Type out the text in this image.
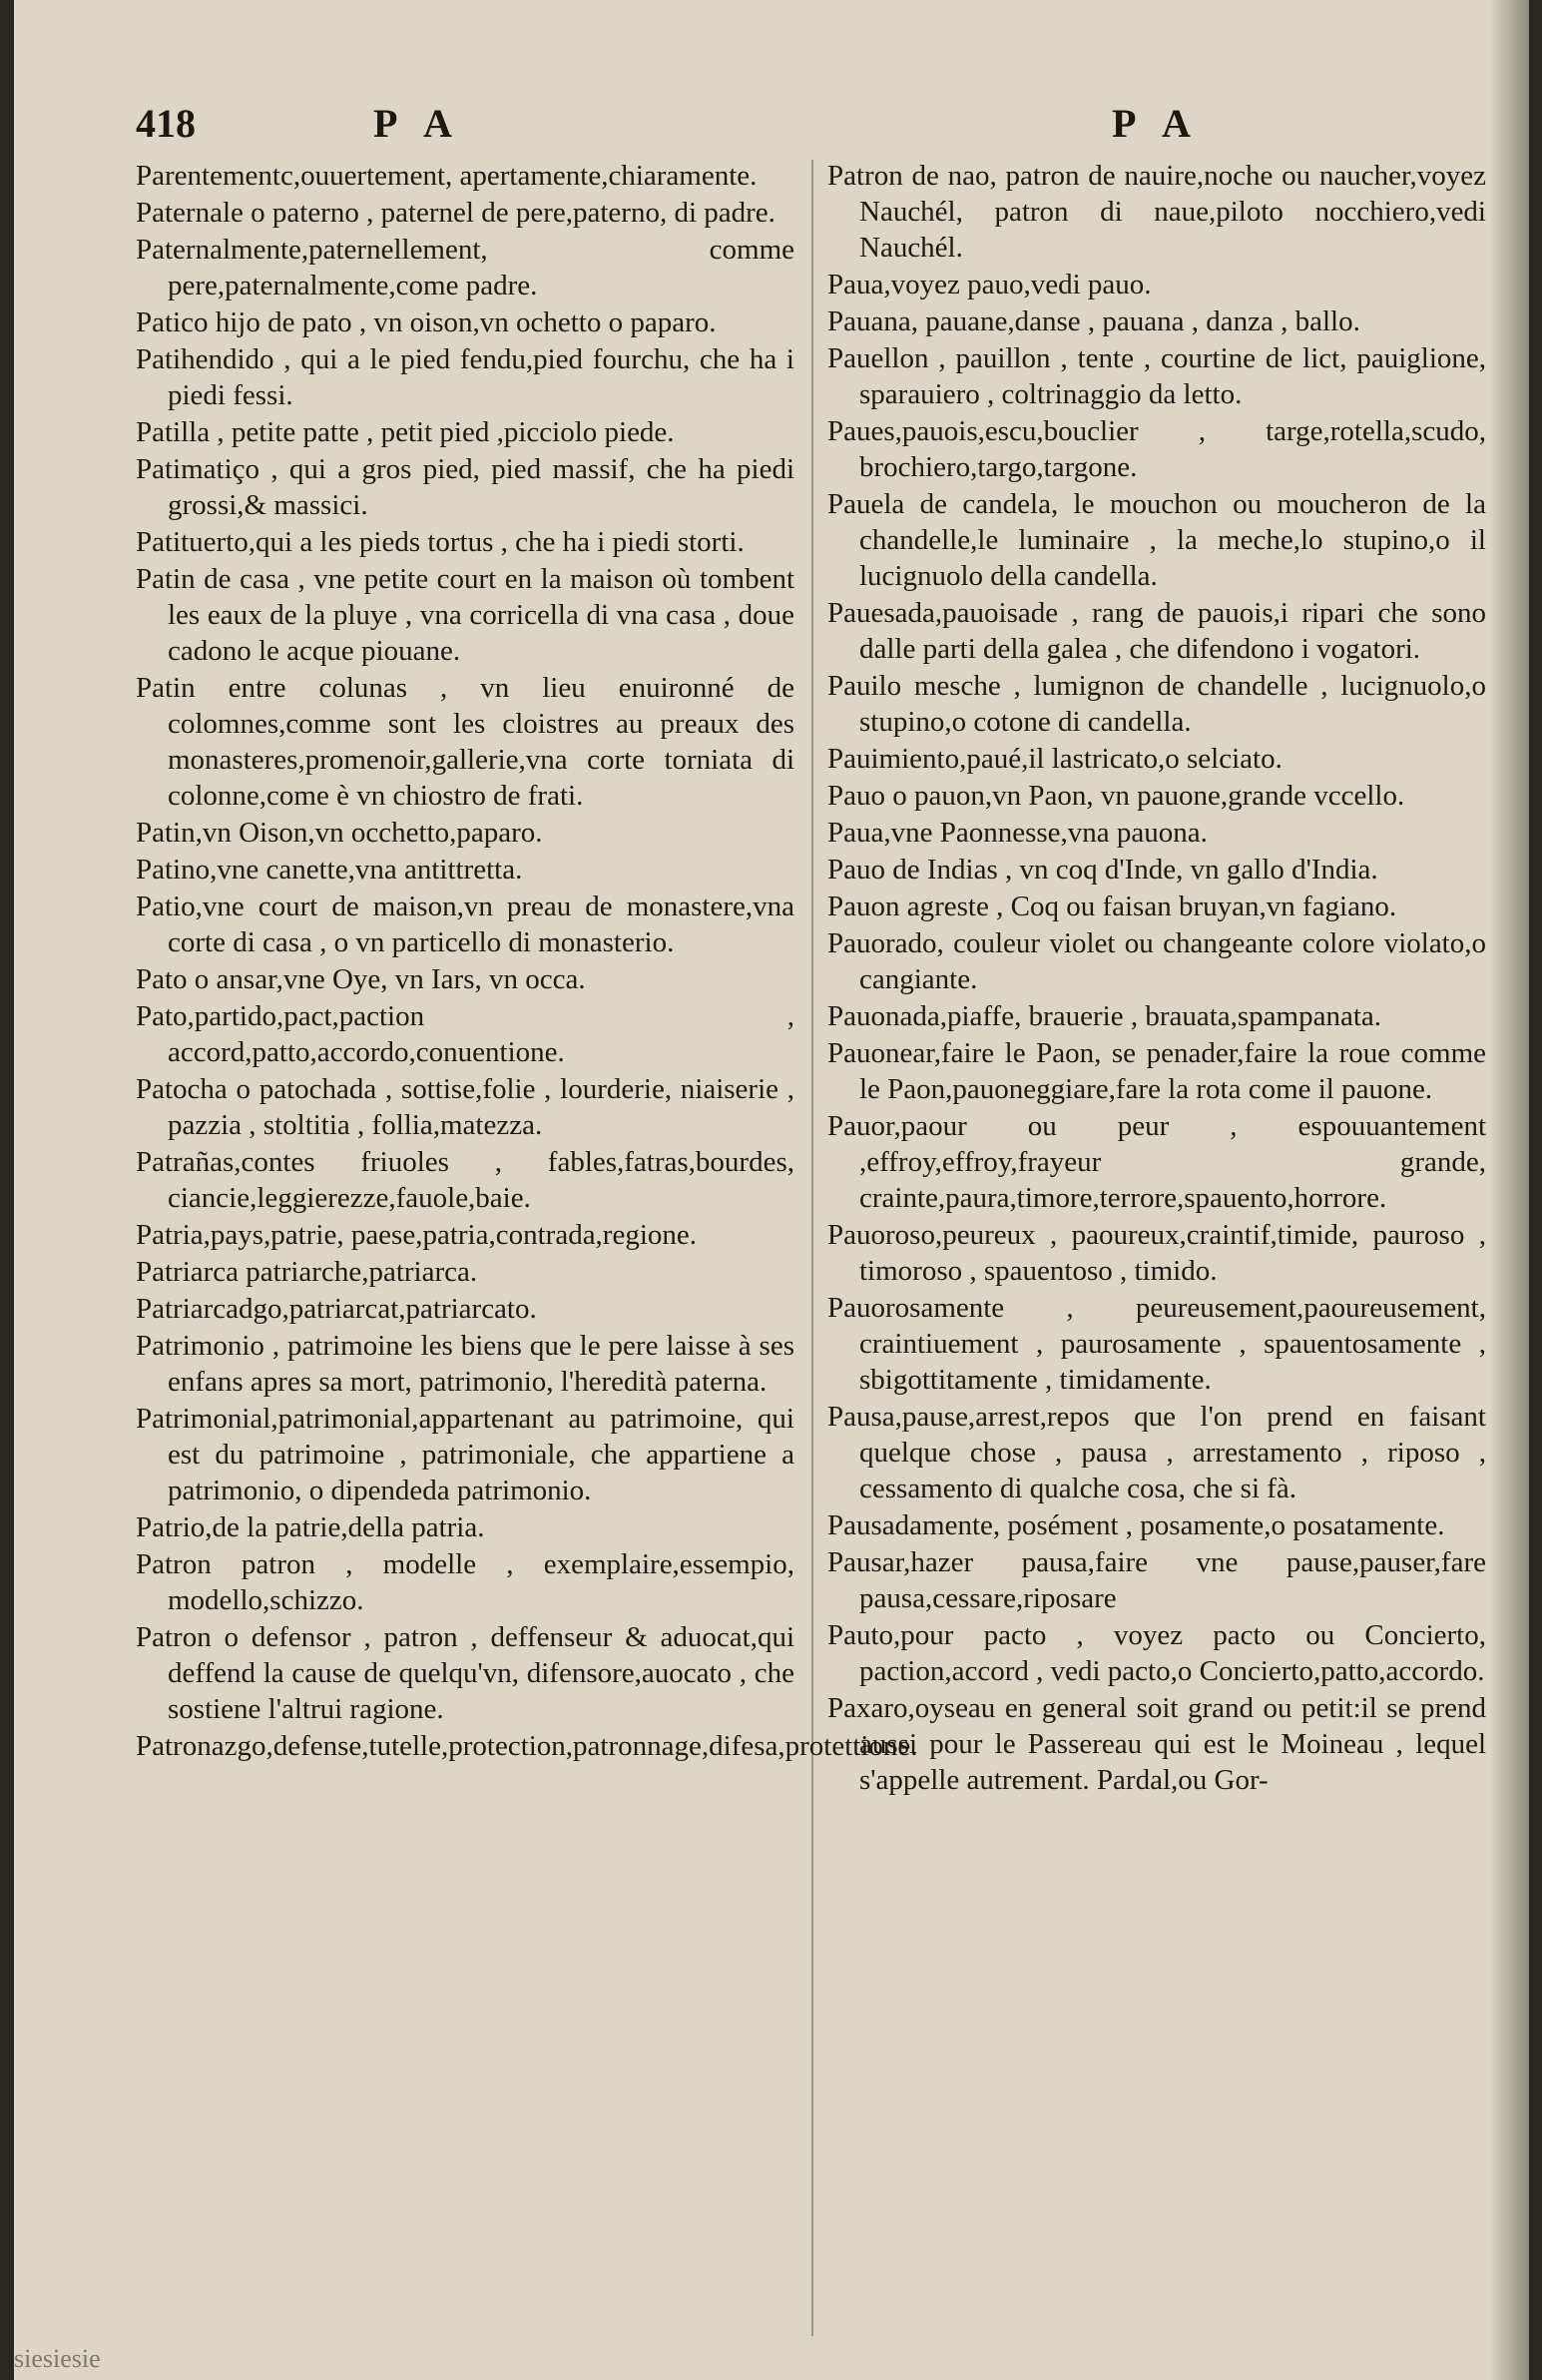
418	P A	P A

Parentementc,ouuertement, apertamente,chiaramente.

Paternale o paterno , paternel de pere,paterno, di padre.

Paternalmente,paternellement, comme pere,paternalmente,come padre.

Patico hijo de pato , vn oison,vn ochetto o paparo.

Patihendido , qui a le pied fendu,pied fourchu, che ha i piedi fessi.

Patilla , petite patte , petit pied ,picciolo piede.

Patimatiço , qui a gros pied, pied massif, che ha piedi grossi,& massici.

Patituerto,qui a les pieds tortus , che ha i piedi storti.

Patin de casa , vne petite court en la maison où tombent les eaux de la pluye , vna corricella di vna casa , doue cadono le acque piouane.

Patin entre colunas , vn lieu enuironné de colomnes,comme sont les cloistres au preaux des monasteres,promenoir,gallerie,vna corte torniata di colonne,come è vn chiostro de frati.

Patin,vn Oison,vn occhetto,paparo.

Patino,vne canette,vna antittretta.

Patio,vne court de maison,vn preau de monastere,vna corte di casa , o vn particello di monasterio.

Pato o ansar,vne Oye, vn Iars, vn occa.

Pato,partido,pact,paction , accord,patto,accordo,conuentione.

Patocha o patochada , sottise,folie , lourderie, niaiserie , pazzia , stoltitia , follia,matezza.

Patrañas,contes friuoles , fables,fatras,bourdes, ciancie,leggierezze,fauole,baie.

Patria,pays,patrie, paese,patria,contrada,regione.

Patriarca patriarche,patriarca.

Patriarcadgo,patriarcat,patriarcato.

Patrimonio , patrimoine les biens que le pere laisse à ses enfans apres sa mort, patrimonio, l'heredità paterna.

Patrimonial,patrimonial,appartenant au patrimoine, qui est du patrimoine , patrimoniale, che appartiene a patrimonio, o dipendeda patrimonio.

Patrio,de la patrie,della patria.

Patron patron , modelle , exemplaire,essempio, modello,schizzo.

Patron o defensor , patron , deffenseur & aduocat,qui deffend la cause de quelqu'vn, difensore,auocato , che sostiene l'altrui ragione.

Patronazgo,defense,tutelle,protection,patronnage,difesa,protettione.

Patron de nao, patron de nauire,noche ou naucher,voyez Nauchél, patron di naue,piloto nocchiero,vedi Nauchél.

Paua,voyez pauo,vedi pauo.

Pauana, pauane,danse , pauana , danza , ballo.

Pauellon , pauillon , tente , courtine de lict, pauiglione, sparauiero , coltrinaggio da letto.

Paues,pauois,escu,bouclier , targe,rotella,scudo, brochiero,targo,targone.

Pauela de candela, le mouchon ou moucheron de la chandelle,le luminaire , la meche,lo stupino,o il lucignuolo della candella.

Pauesada,pauoisade , rang de pauois,i ripari che sono dalle parti della galea , che difendono i vogatori.

Pauilo mesche , lumignon de chandelle , lucignuolo,o stupino,o cotone di candella.

Pauimiento,paué,il lastricato,o selciato.

Pauo o pauon,vn Paon, vn pauone,grande vccello.

Paua,vne Paonnesse,vna pauona.

Pauo de Indias , vn coq d'Inde, vn gallo d'India.

Pauon agreste , Coq ou faisan bruyan,vn fagiano.

Pauorado, couleur violet ou changeante colore violato,o cangiante.

Pauonada,piaffe, brauerie , brauata,spampanata.

Pauonear,faire le Paon, se penader,faire la roue comme le Paon,pauoneggiare,fare la rota come il pauone.

Pauor,paour ou peur , espouuantement ,effroy,effroy,frayeur grande, crainte,paura,timore,terrore,spauento,horrore.

Pauoroso,peureux , paoureux,craintif,timide, pauroso , timoroso , spauentoso , timido.

Pauorosamente , peureusement,paoureusement, craintiuement , paurosamente , spauentosamente , sbigottitamente , timidamente.

Pausa,pause,arrest,repos que l'on prend en faisant quelque chose , pausa , arrestamento , riposo , cessamento di qualche cosa, che si fà.

Pausadamente, posément , posamente,o posatamente.

Pausar,hazer pausa,faire vne pause,pauser,fare pausa,cessare,riposare

Pauto,pour pacto , voyez pacto ou Concierto, paction,accord , vedi pacto,o Concierto,patto,accordo.

Paxaro,oyseau en general soit grand ou petit:il se prend aussi pour le Passereau qui est le Moineau , lequel s'appelle autrement. Pardal,ou Gor-

siesiesie
